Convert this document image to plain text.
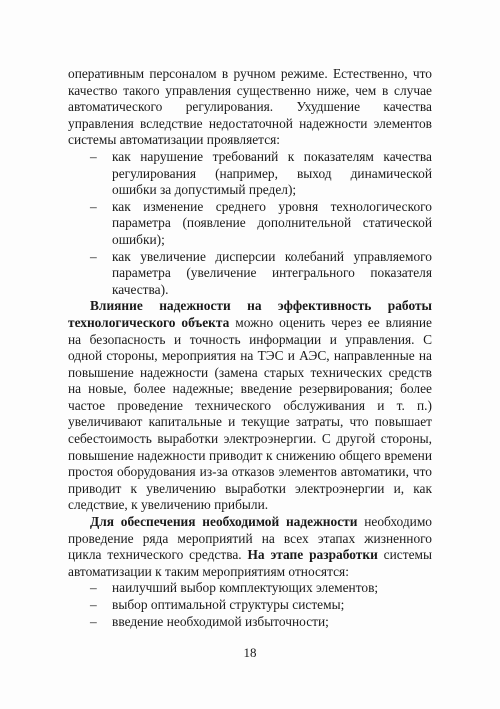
оперативным персоналом в ручном режиме. Естественно, что качество такого управления существенно ниже, чем в случае автоматического регулирования. Ухудшение качества управления вследствие недостаточной надежности элементов системы автоматизации проявляется:

– как нарушение требований к показателям качества регулирования (например, выход динамической ошибки за допустимый предел);
– как изменение среднего уровня технологического параметра (появление дополнительной статической ошибки);
– как увеличение дисперсии колебаний управляемого параметра (увеличение интегрального показателя качества).

Влияние надежности на эффективность работы технологического объекта можно оценить через ее влияние на безопасность и точность информации и управления. С одной стороны, мероприятия на ТЭС и АЭС, направленные на повышение надежности (замена старых технических средств на новые, более надежные; введение резервирования; более частое проведение технического обслуживания и т. п.) увеличивают капитальные и текущие затраты, что повышает себестоимость выработки электроэнергии. С другой стороны, повышение надежности приводит к снижению общего времени простоя оборудования из-за отказов элементов автоматики, что приводит к увеличению выработки электроэнергии и, как следствие, к увеличению прибыли.

Для обеспечения необходимой надежности необходимо проведение ряда мероприятий на всех этапах жизненного цикла технического средства. На этапе разработки системы автоматизации к таким мероприятиям относятся:

– наилучший выбор комплектующих элементов;
– выбор оптимальной структуры системы;
– введение необходимой избыточности;
18
